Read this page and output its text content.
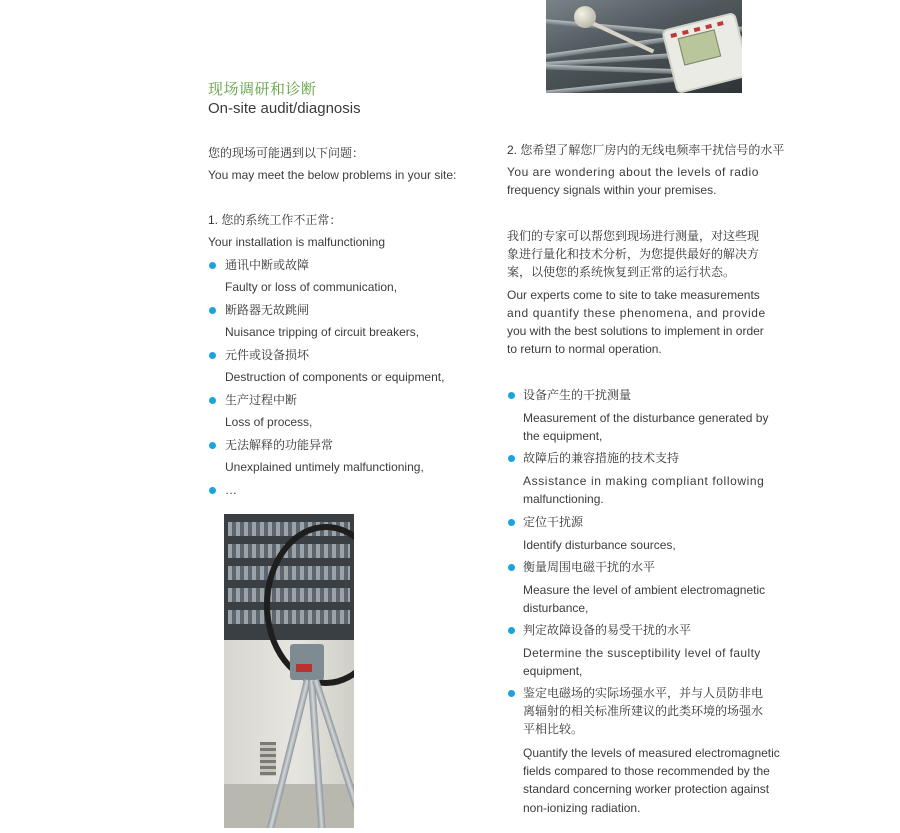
现场调研和诊断
On-site audit/diagnosis
您的现场可能遇到以下问题：
You may meet the below problems in your site:
1. 您的系统工作不正常：
Your installation is malfunctioning
通讯中断或故障
Faulty or loss of communication,
断路器无故跳闸
Nuisance tripping of circuit breakers,
元件或设备损坏
Destruction of components or equipment,
生产过程中断
Loss of process,
无法解释的功能异常
Unexplained untimely malfunctioning,
…
2. 您希望了解您厂房内的无线电频率干扰信号的水平
You are wondering about the levels of radio
frequency signals within your premises.
我们的专家可以帮您到现场进行测量，对这些现
象进行量化和技术分析，为您提供最好的解决方
案，以使您的系统恢复到正常的运行状态。
Our experts come to site to take measurements
and quantify these phenomena, and provide
you with the best solutions to implement in order
to return to normal operation.
设备产生的干扰测量
Measurement of the disturbance generated by
the equipment,
故障后的兼容措施的技术支持
Assistance in making compliant following
malfunctioning.
定位干扰源
Identify disturbance sources,
衡量周围电磁干扰的水平
Measure the level of ambient electromagnetic
disturbance,
判定故障设备的易受干扰的水平
Determine the susceptibility level of faulty
equipment,
鉴定电磁场的实际场强水平，并与人员防非电
离辐射的相关标准所建议的此类环境的场强水
平相比较。
Quantify the levels of measured electromagnetic
fields compared to those recommended by the
standard concerning worker protection against
non-ionizing radiation.
